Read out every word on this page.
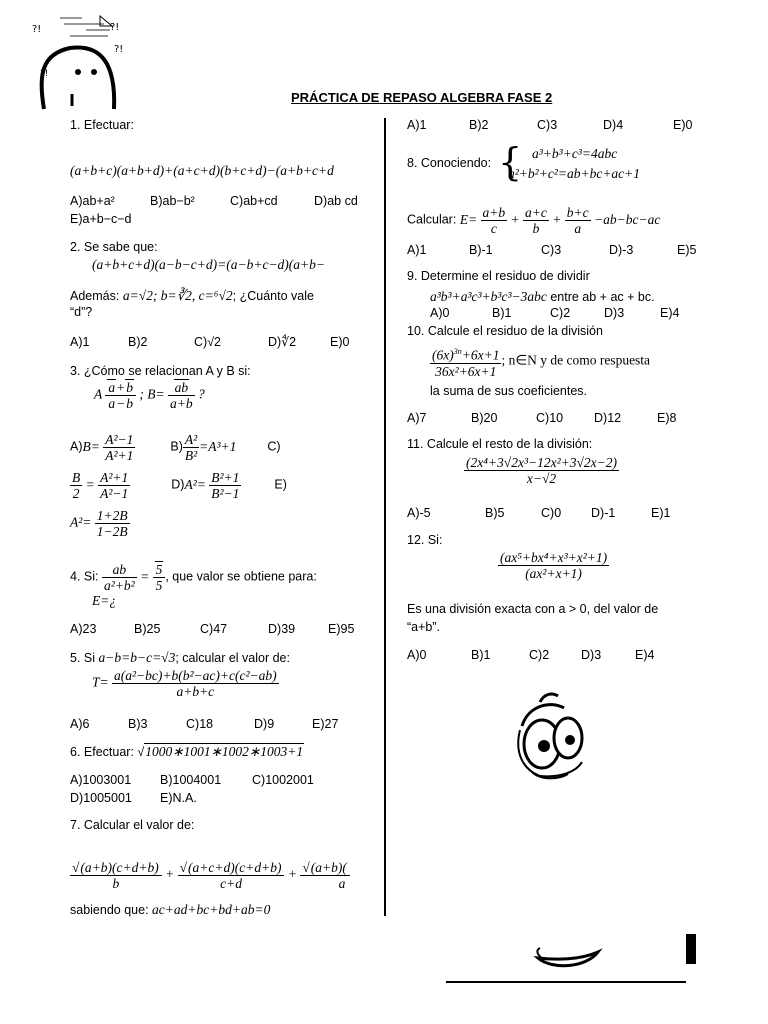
?!	?!
?!
?!
PRÁCTICA DE REPASO ALGEBRA FASE 2
1. Efectuar:
(a+b+c)(a+b+d)+(a+c+d)(b+c+d)−(a+b+c+d
A)ab+a²	B)ab−b²	C)ab+cd	D)ab cd
E)a+b−c−d
2. Se sabe que:
(a+b+c+d)(a−b−c+d)=(a−b+c−d)(a+b−
Además: a=√2; b=∛2, c=⁶√2; ¿Cuánto vale
“d”?
A)1	B)2	C)√2	D)∜2	E)0
3. ¿Cómo se relacionan A y B si:
A $\frac{a+b}{a-b}$ ; $B= \frac{ab}{a+b}$ ?
$A)B= \frac{\text{A²−1}}{\text{A²+1}}$	$B) \frac{\text{A²}}{\text{B²}} =A^3+1$ C)
$\frac{B}{2} = \frac{\text{A²+1}}{\text{A²−1}}$	$D)A^2= \frac{\text{B²+1}}{\text{B²−1}}$	E)
$A^2= \frac{1+2B}{1-2B}$
4. Si: $\frac{ab}{\text{a²+b²}} = \frac{5}{5}$ , que valor se obtiene para:
E=¿
A)23	B)25	C)47	D)39	E)95
5. Si a−b=b−c=√3; calcular el valor de:
$T= \frac{\text{a(a²−bc)+b(b²−ac)+c(c²−ab)}}{a+b+c}$
A)6	B)3	C)18	D)9	E)27
6. Efectuar: √1000∗1001∗1002∗1003+1
A)1003001 B)1004001 C)1002001
D)1005001 E)N.A.
7. Calcular el valor de:
$\frac{√(a+b)(c+d+b)}{b} + \frac{√(a+c+d)(c+d+b)}{c+d} + \frac{√(a+b)(}{a}$
sabiendo que: ac+ad+bc+bd+ab=0
A)1	B)2	C)3	D)4	E)0
8. Conociendo: { a³+b³+c³=4abc
a²+b²+c²=ab+bc+ac+1
Calcular: $E= \frac{a+b}{c} + \frac{a+c}{b} + \frac{b+c}{a} -ab-bc-ac$
A)1	B)-1	C)3	D)-3	E)5
9. Determine el residuo de dividir
a³b³+a³c³+b³c³−3abc entre ab + ac + bc.
A)0	B)1	C)2	D)3	E)4
10. Calcule el residuo de la división
$\frac{(6x)^{3n}+6x+1}{\text{36x²+6x+1}}$ ; n∈N y de como respuesta
la suma de sus coeficientes.
A)7	B)20	C)10 D)12	E)8
11. Calcule el resto de la división:
$\frac{\text{(2x⁴+3√2x³−12x²+3√2x−2)}}{x-√2}$
A)-5	B)5	C)0 D)-1	E)1
12. Si:
$\frac{\text{(ax⁵+bx⁴+x³+x²+1)}}{\text{(ax²+x+1)}}$
Es una división exacta con a > 0, del valor de
“a+b”.
A)0	B)1	C)2	D)3	E)4
